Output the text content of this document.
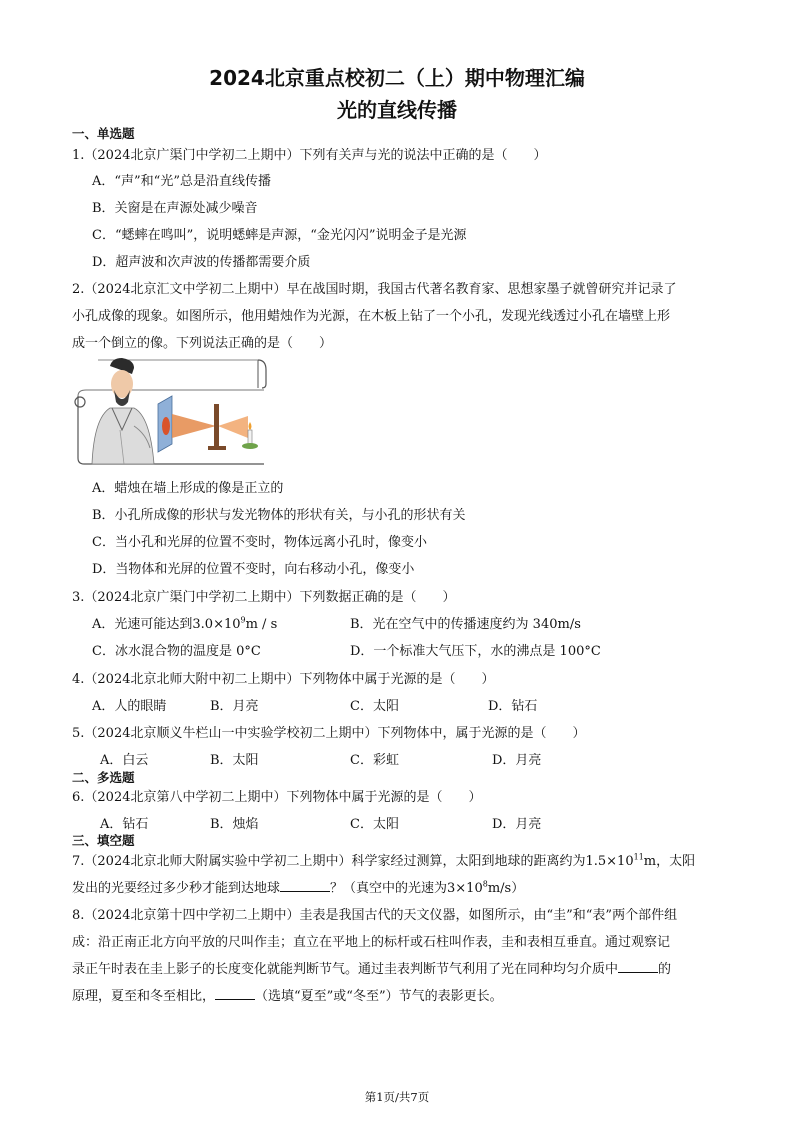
2024北京重点校初二（上）期中物理汇编
光的直线传播
一、单选题
1.（2024北京广渠门中学初二上期中）下列有关声与光的说法中正确的是（　　）
A．“声”和“光”总是沿直线传播
B．关窗是在声源处减少噪音
C．“蟋蟀在鸣叫”，说明蟋蟀是声源，“金光闪闪”说明金子是光源
D．超声波和次声波的传播都需要介质
2.（2024北京汇文中学初二上期中）早在战国时期，我国古代著名教育家、思想家墨子就曾研究并记录了
小孔成像的现象。如图所示，他用蜡烛作为光源，在木板上钻了一个小孔，发现光线透过小孔在墙壁上形
成一个倒立的像。下列说法正确的是（　　）
A．蜡烛在墙上形成的像是正立的
B．小孔所成像的形状与发光物体的形状有关，与小孔的形状有关
C．当小孔和光屏的位置不变时，物体远离小孔时，像变小
D．当物体和光屏的位置不变时，向右移动小孔，像变小
3.（2024北京广渠门中学初二上期中）下列数据正确的是（　　）
A．光速可能达到$3.0\times 10^9m / s$	B．光在空气中的传播速度约为 340m/s
C．冰水混合物的温度是 0°C	D．一个标准大气压下，水的沸点是 100°C
4.（2024北京北师大附中初二上期中）下列物体中属于光源的是（　　）
A．人的眼睛	B．月亮	C．太阳	D．钻石
5.（2024北京顺义牛栏山一中实验学校初二上期中）下列物体中，属于光源的是（　　）
A．白云	B．太阳	C．彩虹	D．月亮
二、多选题
6.（2024北京第八中学初二上期中）下列物体中属于光源的是（　　）
A．钻石	B．烛焰	C．太阳	D．月亮
三、填空题
7.（2024北京北师大附属实验中学初二上期中）科学家经过测算，太阳到地球的距离约为$1.5\times 10^{11}m$，太阳
发出的光要经过多少秒才能到达地球	？（真空中的光速为$3\times 10^8m/s$）
8.（2024北京第十四中学初二上期中）圭表是我国古代的天文仪器，如图所示，由“圭”和“表”两个部件组
成：沿正南正北方向平放的尺叫作圭；直立在平地上的标杆或石柱叫作表，圭和表相互垂直。通过观察记
录正午时表在圭上影子的长度变化就能判断节气。通过圭表判断节气利用了光在同种均匀介质中	的
原理，夏至和冬至相比，	（选填“夏至”或“冬至”）节气的表影更长。
第1页/共7页
